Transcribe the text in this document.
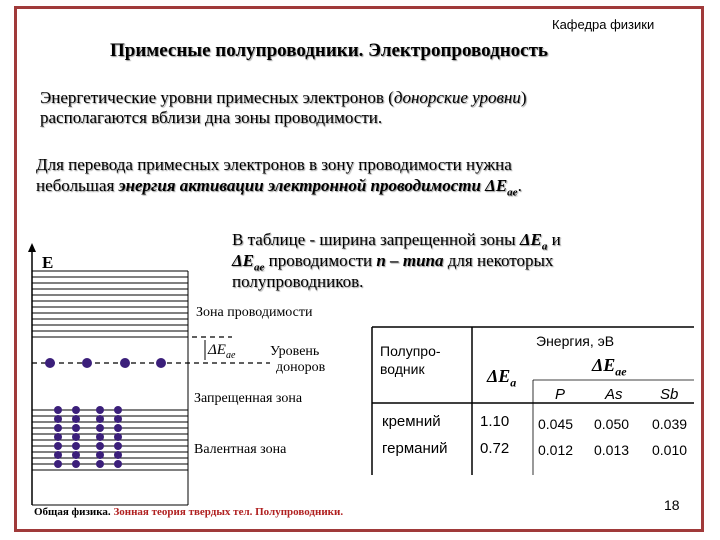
Кафедра физики
Примесные полупроводники. Электропроводность
Энергетические уровни примесных электронов (донорские уровни)
располагаются вблизи дна зоны проводимости.
Для перевода примесных электронов в зону проводимости нужна
небольшая энергия активации электронной проводимости $\Delta E_{ae}$.
В таблице - ширина запрещенной зоны $\Delta E_a$ и
$\Delta E_{ae}$ проводимости n – типа для некоторых
полупроводников.
E
Зона проводимости
$\Delta E_{ae}$ Уровень
доноров
Запрещенная зона
Валентная зона
Полупро-
водник
Энергия, эВ
$\Delta E_a$
$\Delta E_{ae}$
P	As Sb
кремний	1.10 0.045 0.050 0.039
германий 0.72 0.012 0.013 0.010
Общая физика. Зонная теория твердых тел. Полупроводники.	18
